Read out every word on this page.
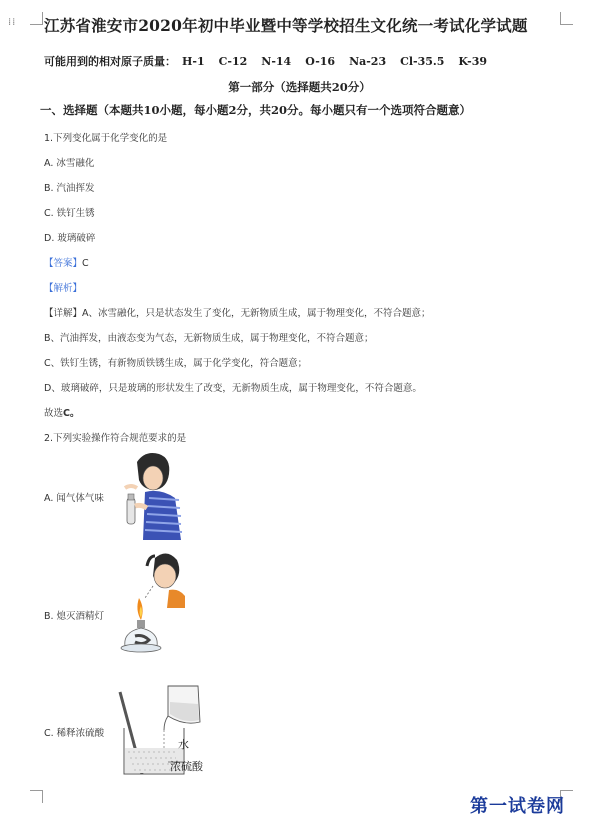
⁞⁞ 江苏省淮安市2020年初中毕业暨中等学校招生文化统一考试化学试题
可能用到的相对原子质量： H-1 C-12 N-14 O-16 Na-23 Cl-35.5 K-39
第一部分（选择题共20分）
一、选择题（本题共10小题，每小题2分，共20分。每小题只有一个选项符合题意）
1.下列变化属于化学变化的是
A. 冰雪融化
B. 汽油挥发
C. 铁钉生锈
D. 玻璃破碎
【答案】C
【解析】
【详解】A、冰雪融化，只是状态发生了变化，无新物质生成，属于物理变化，不符合题意；
B、汽油挥发，由液态变为气态，无新物质生成，属于物理变化，不符合题意；
C、铁钉生锈，有新物质铁锈生成，属于化学变化，符合题意；
D、玻璃破碎，只是玻璃的形状发生了改变，无新物质生成，属于物理变化，不符合题意。
故选C。
2.下列实验操作符合规范要求的是
A. 闻气体气味
B. 熄灭酒精灯
C. 稀释浓硫酸
水
浓硫酸
第一试卷网
